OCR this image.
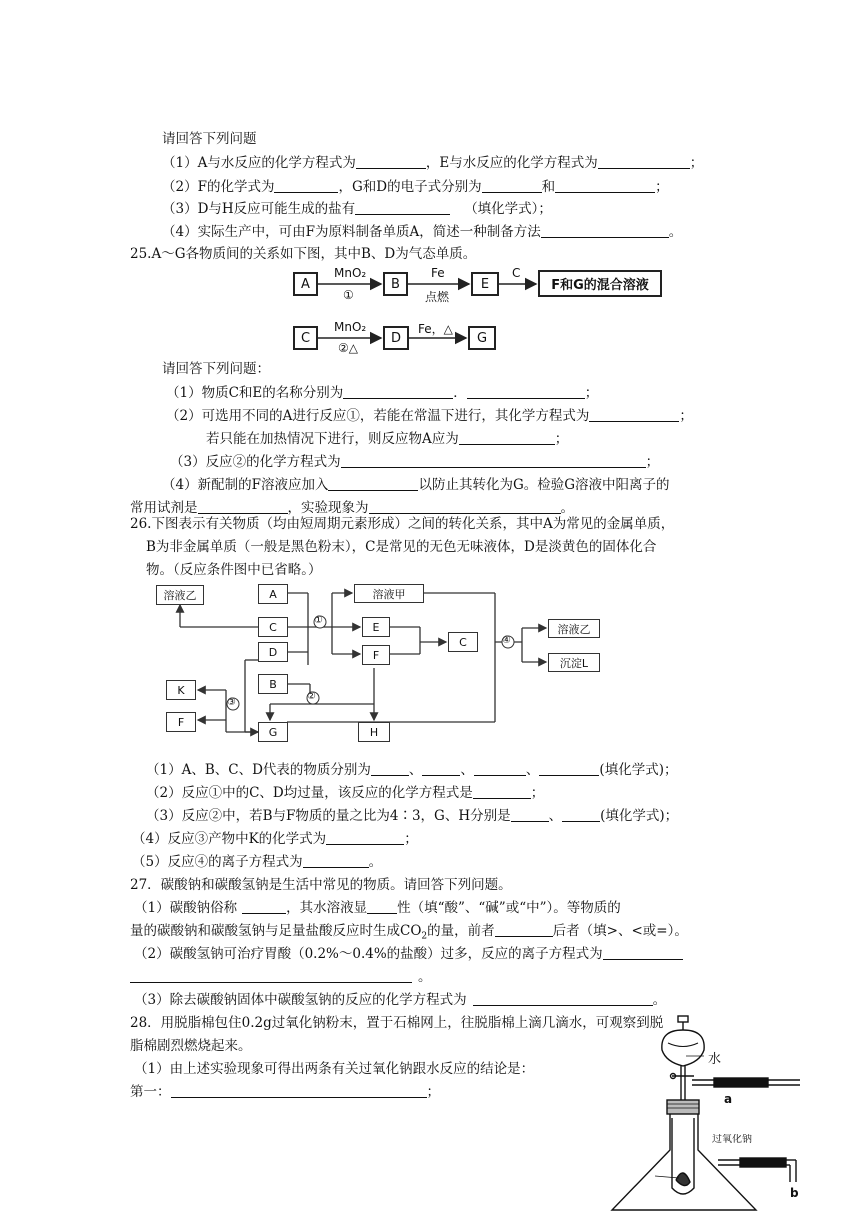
请回答下列问题
（1）A与水反应的化学方程式为	，E与水反应的化学方程式为	；
（2）F的化学式为	，G和D的电子式分别为	和	；
（3）D与H反应可能生成的盐有	（填化学式）；
（4）实际生产中，可由F为原料制备单质A，简述一种制备方法	。
25.A～G各物质间的关系如下图，其中B、D为气态单质。
A	B	E	F和G的混合溶液
C	D	G
MnO₂
①
Fe
点燃
C
MnO₂
②△
Fe，△
请回答下列问题：
（1）物质C和E的名称分别为	．	；
（2）可选用不同的A进行反应①，若能在常温下进行，其化学方程式为	；
若只能在加热情况下进行，则反应物A应为	；
（3）反应②的化学方程式为	；
（4）新配制的F溶液应加入	以防止其转化为G。检验G溶液中阳离子的
常用试剂是	，实验现象为	。
26.下图表示有关物质（均由短周期元素形成）之间的转化关系，其中A为常见的金属单质，
B为非金属单质（一般是黑色粉末），C是常见的无色无味液体，D是淡黄色的固体化合
物。（反应条件图中已省略。）
①
②
③
④
溶液乙	A
C
D
B
K
F
G	H
溶液甲
E
F
C
溶液乙
沉淀L
（1）A、B、C、D代表的物质分别为	、	、	、	(填化学式)；
（2）反应①中的C、D均过量，该反应的化学方程式是	；
（3）反应②中，若B与F物质的量之比为4∶3，G、H分别是	、	(填化学式)；
（4）反应③产物中K的化学式为	；
（5）反应④的离子方程式为	。
27．碳酸钠和碳酸氢钠是生活中常见的物质。请回答下列问题。
（1）碳酸钠俗称	，其水溶液显 性（填“酸”、“碱”或“中”）。等物质的
量的碳酸钠和碳酸氢钠与足量盐酸反应时生成$CO_2$的量，前者	后者（填>、<或=）。
（2）碳酸氢钠可治疗胃酸（0.2%～0.4%的盐酸）过多，反应的离子方程式为
。
（3）除去碳酸钠固体中碳酸氢钠的反应的化学方程式为	。
28．用脱脂棉包住0.2g过氧化钠粉末，置于石棉网上，往脱脂棉上滴几滴水，可观察到脱
脂棉剧烈燃烧起来。
（1）由上述实验现象可得出两条有关过氧化钠跟水反应的结论是：
第一：	；
水
a
b
过氧化钠
